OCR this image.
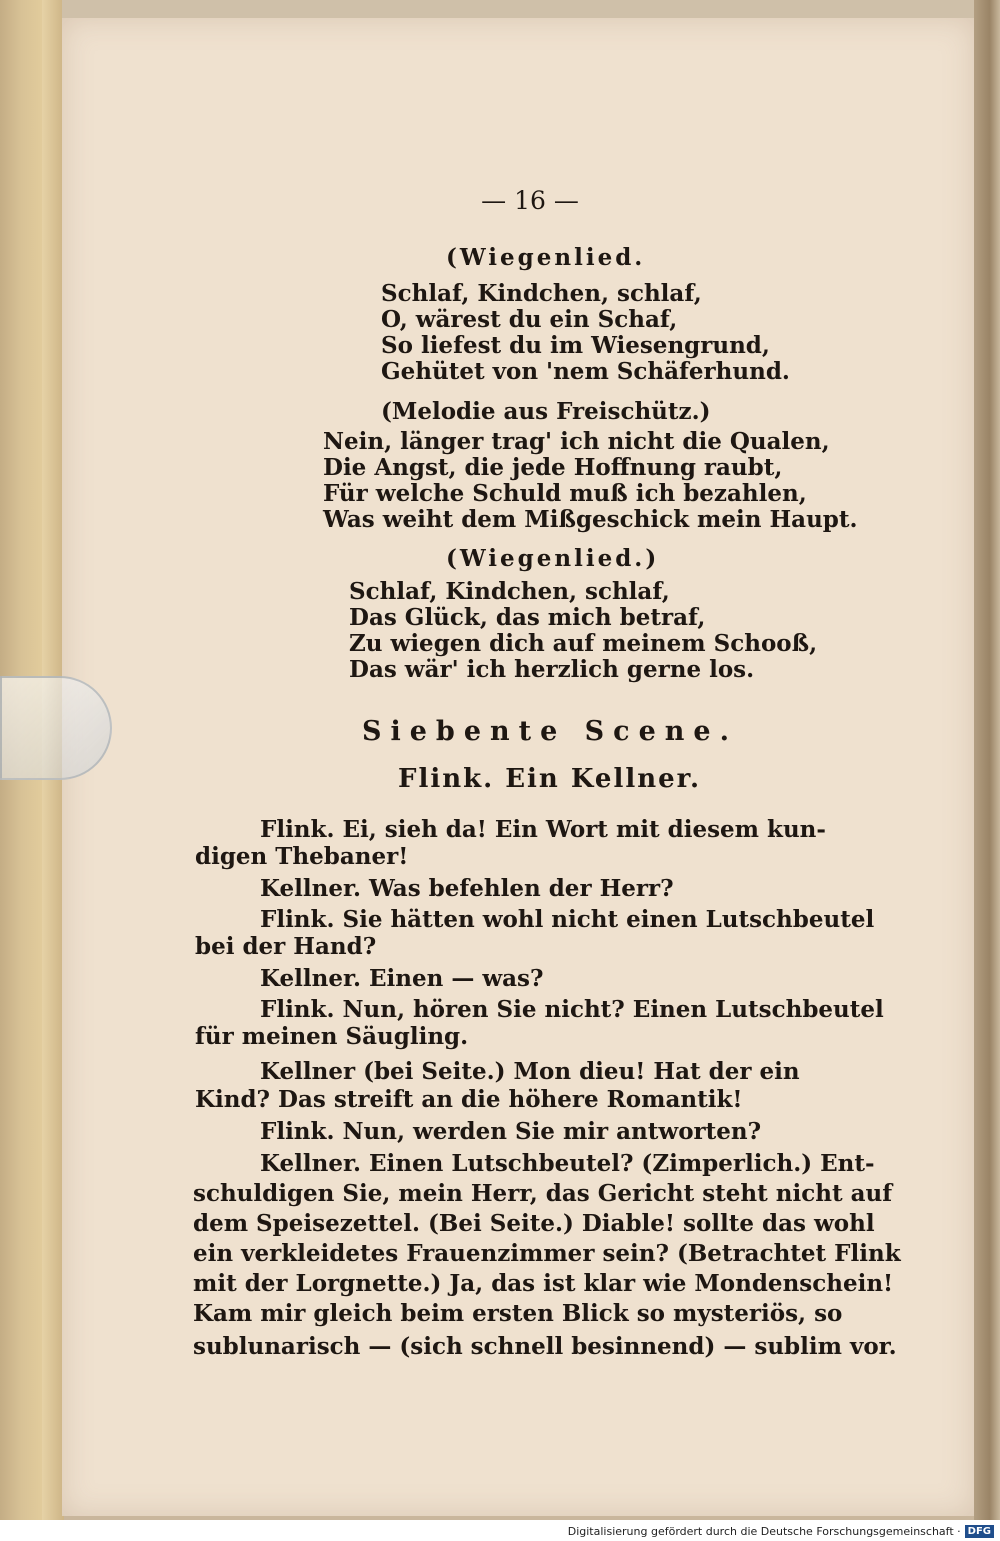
— 16 —
(Wiegenlied.
Schlaf, Kindchen, schlaf,
O, wärest du ein Schaf,
So liefest du im Wiesengrund,
Gehütet von 'nem Schäferhund.
(Melodie aus Freischütz.)
Nein, länger trag' ich nicht die Qualen,
Die Angst, die jede Hoffnung raubt,
Für welche Schuld muß ich bezahlen,
Was weiht dem Mißgeschick mein Haupt.
(Wiegenlied.)
Schlaf, Kindchen, schlaf,
Das Glück, das mich betraf,
Zu wiegen dich auf meinem Schooß,
Das wär' ich herzlich gerne los.
Siebente Scene.
Flink. Ein Kellner.
Flink. Ei, sieh da! Ein Wort mit diesem kun-
digen Thebaner!
Kellner. Was befehlen der Herr?
Flink. Sie hätten wohl nicht einen Lutschbeutel
bei der Hand?
Kellner. Einen — was?
Flink. Nun, hören Sie nicht? Einen Lutschbeutel
für meinen Säugling.
Kellner (bei Seite.) Mon dieu! Hat der ein
Kind? Das streift an die höhere Romantik!
Flink. Nun, werden Sie mir antworten?
Kellner. Einen Lutschbeutel? (Zimperlich.) Ent-
schuldigen Sie, mein Herr, das Gericht steht nicht auf
dem Speisezettel. (Bei Seite.) Diable! sollte das wohl
ein verkleidetes Frauenzimmer sein? (Betrachtet Flink
mit der Lorgnette.) Ja, das ist klar wie Mondenschein!
Kam mir gleich beim ersten Blick so mysteriös, so
sublunarisch — (sich schnell besinnend) — sublim vor.
Digitalisierung gefördert durch die Deutsche Forschungsgemeinschaft · DFG
